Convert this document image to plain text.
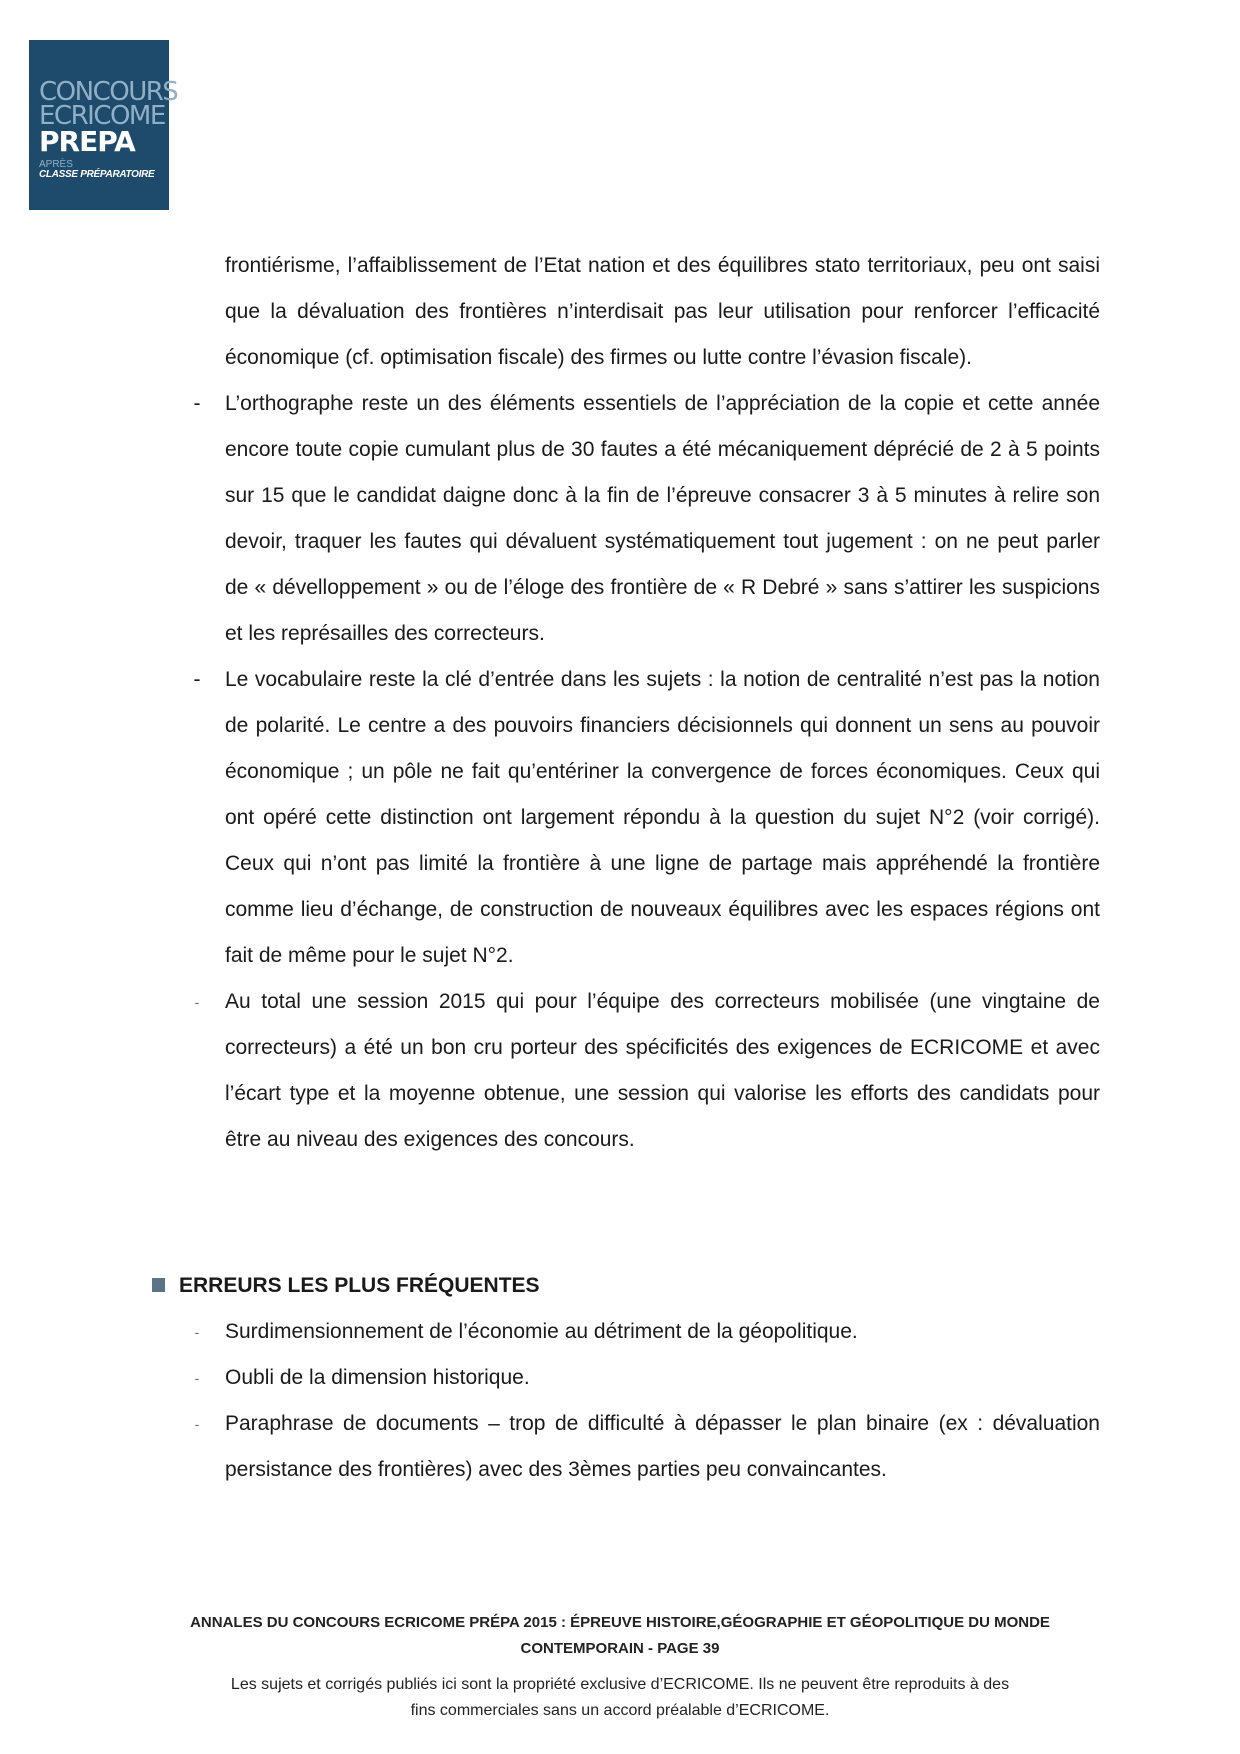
CONCOURS
ECRICOME
PREPA
APRÈS
CLASSE PRÉPARATOIRE
frontiérisme, l’affaiblissement de l’Etat nation et des équilibres stato territoriaux, peu ont saisi que la dévaluation des frontières n’interdisait pas leur utilisation pour renforcer l’efficacité économique (cf. optimisation fiscale) des firmes ou lutte contre l’évasion fiscale).
-	L’orthographe reste un des éléments essentiels de l’appréciation de la copie et cette année encore toute copie cumulant plus de 30 fautes a été mécaniquement déprécié de 2 à 5 points sur 15 que le candidat daigne donc à la fin de l’épreuve consacrer 3 à 5 minutes à relire son devoir, traquer les fautes qui dévaluent systématiquement tout jugement : on ne peut parler de « dévelloppement » ou de l’éloge des frontière de « R Debré » sans s’attirer les suspicions et les représailles des correcteurs.
-	Le vocabulaire reste la clé d’entrée dans les sujets : la notion de centralité n’est pas la notion de polarité. Le centre a des pouvoirs financiers décisionnels qui donnent un sens au pouvoir économique ; un pôle ne fait qu’entériner la convergence de forces économiques. Ceux qui ont opéré cette distinction ont largement répondu à la question du sujet N°2 (voir corrigé). Ceux qui n’ont pas limité la frontière à une ligne de partage mais appréhendé la frontière comme lieu d’échange, de construction de nouveaux équilibres avec les espaces régions ont fait de même pour le sujet N°2.
-	Au total une session 2015 qui pour l’équipe des correcteurs mobilisée (une vingtaine de correcteurs) a été un bon cru porteur des spécificités des exigences de ECRICOME et avec l’écart type et la moyenne obtenue, une session qui valorise les efforts des candidats pour être au niveau des exigences des concours.
ERREURS LES PLUS FRÉQUENTES
-	Surdimensionnement de l’économie au détriment de la géopolitique.
-	Oubli de la dimension historique.
-	Paraphrase de documents – trop de difficulté à dépasser le plan binaire (ex : dévaluation persistance des frontières) avec des 3èmes parties peu convaincantes.
ANNALES DU CONCOURS ECRICOME PRÉPA 2015 : ÉPREUVE HISTOIRE,GÉOGRAPHIE ET GÉOPOLITIQUE DU MONDE
CONTEMPORAIN - PAGE 39
Les sujets et corrigés publiés ici sont la propriété exclusive d’ECRICOME. Ils ne peuvent être reproduits à des
fins commerciales sans un accord préalable d’ECRICOME.
